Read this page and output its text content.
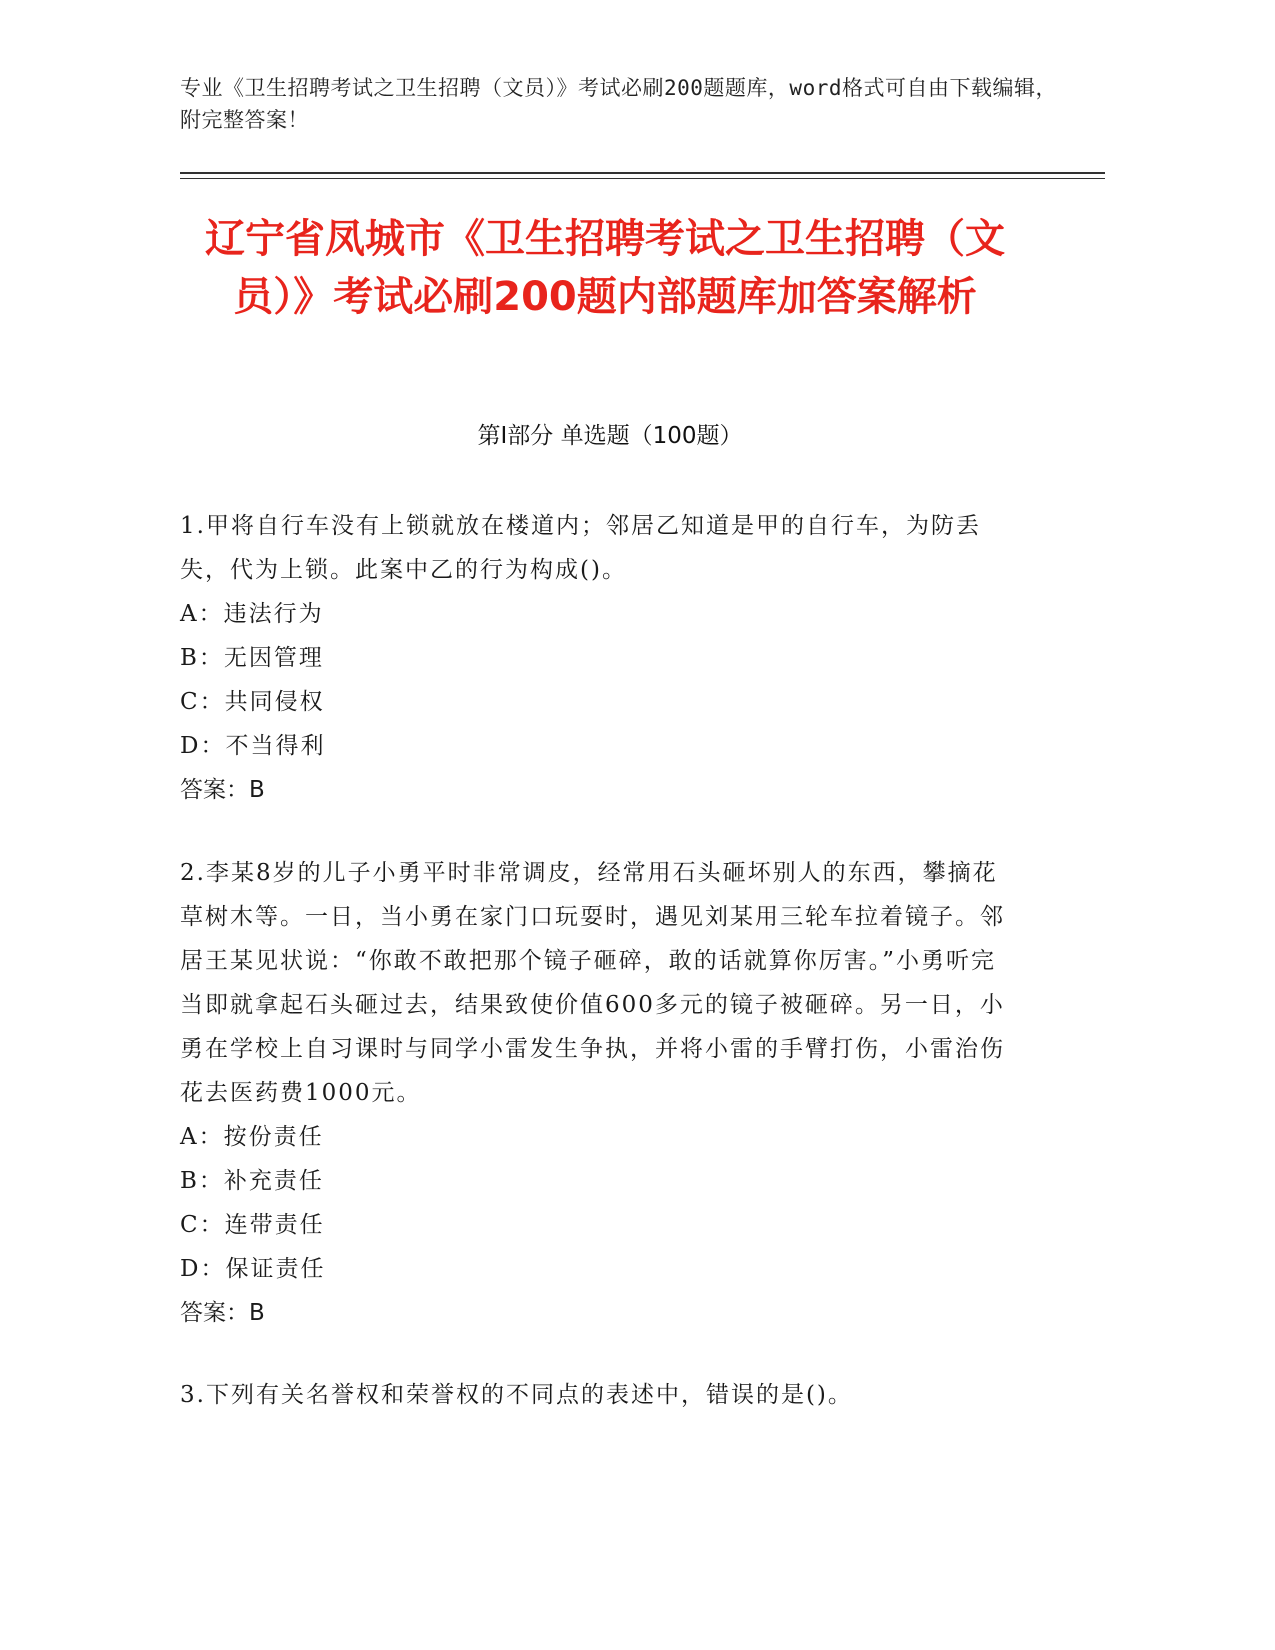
专业《卫生招聘考试之卫生招聘（文员）》考试必刷200题题库，word格式可自由下载编辑，附完整答案！
辽宁省凤城市《卫生招聘考试之卫生招聘（文员）》考试必刷200题内部题库加答案解析
第Ⅰ部分 单选题（100题）

1.甲将自行车没有上锁就放在楼道内；邻居乙知道是甲的自行车，为防丢失，代为上锁。此案中乙的行为构成()。

A：违法行为

B：无因管理

C：共同侵权

D：不当得利

答案：B

2.李某8岁的儿子小勇平时非常调皮，经常用石头砸坏别人的东西，攀摘花草树木等。一日，当小勇在家门口玩耍时，遇见刘某用三轮车拉着镜子。邻居王某见状说：“你敢不敢把那个镜子砸碎，敢的话就算你厉害。”小勇听完当即就拿起石头砸过去，结果致使价值600多元的镜子被砸碎。另一日，小勇在学校上自习课时与同学小雷发生争执，并将小雷的手臂打伤，小雷治伤花去医药费1000元。

A：按份责任

B：补充责任

C：连带责任

D：保证责任

答案：B

3.下列有关名誉权和荣誉权的不同点的表述中，错误的是()。
